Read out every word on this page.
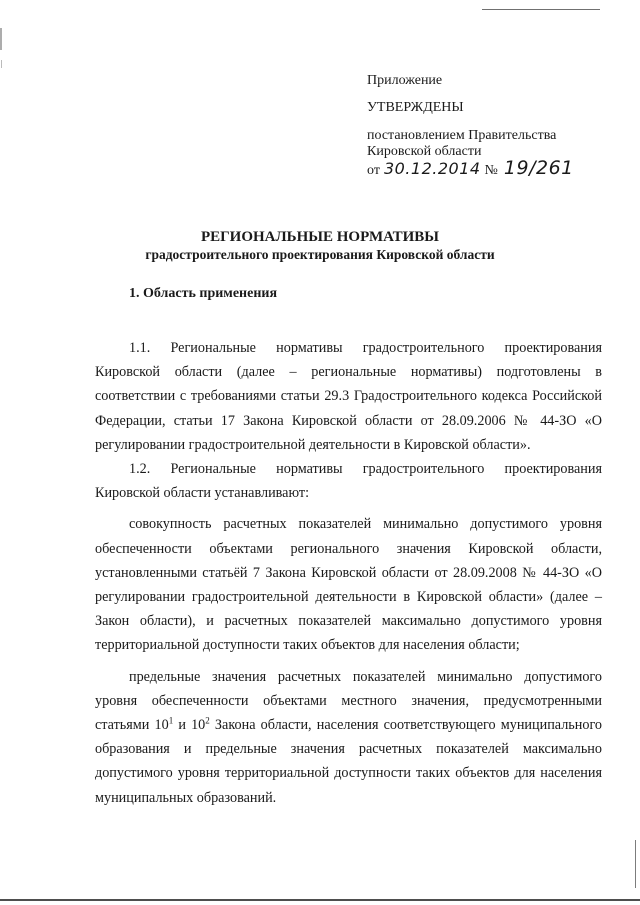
Приложение

УТВЕРЖДЕНЫ

постановлением Правительства

Кировской области

от 30.12.2014 № 19/261

РЕГИОНАЛЬНЫЕ НОРМАТИВЫ
градостроительного проектирования Кировской области
1. Область применения

1.1. Региональные нормативы градостроительного проектирования Кировской области (далее – региональные нормативы) подготовлены в соответствии с требованиями статьи 29.3 Градостроительного кодекса Российской Федерации, статьи 17 Закона Кировской области от 28.09.2006 № 44-ЗО «О регулировании градостроительной деятельности в Кировской области».

1.2. Региональные нормативы градостроительного проектирования Кировской области устанавливают:

совокупность расчетных показателей минимально допустимого уровня обеспеченности объектами регионального значения Кировской области, установленными статьёй 7 Закона Кировской области от 28.09.2008 № 44-ЗО «О регулировании градостроительной деятельности в Кировской области» (далее – Закон области), и расчетных показателей максимально допустимого уровня территориальной доступности таких объектов для населения области;

предельные значения расчетных показателей минимально допустимого уровня обеспеченности объектами местного значения, предусмотренными статьями $10^1$ и $10^2$ Закона области, населения соответствующего муниципального образования и предельные значения расчетных показателей максимально допустимого уровня территориальной доступности таких объектов для населения муниципальных образований.
